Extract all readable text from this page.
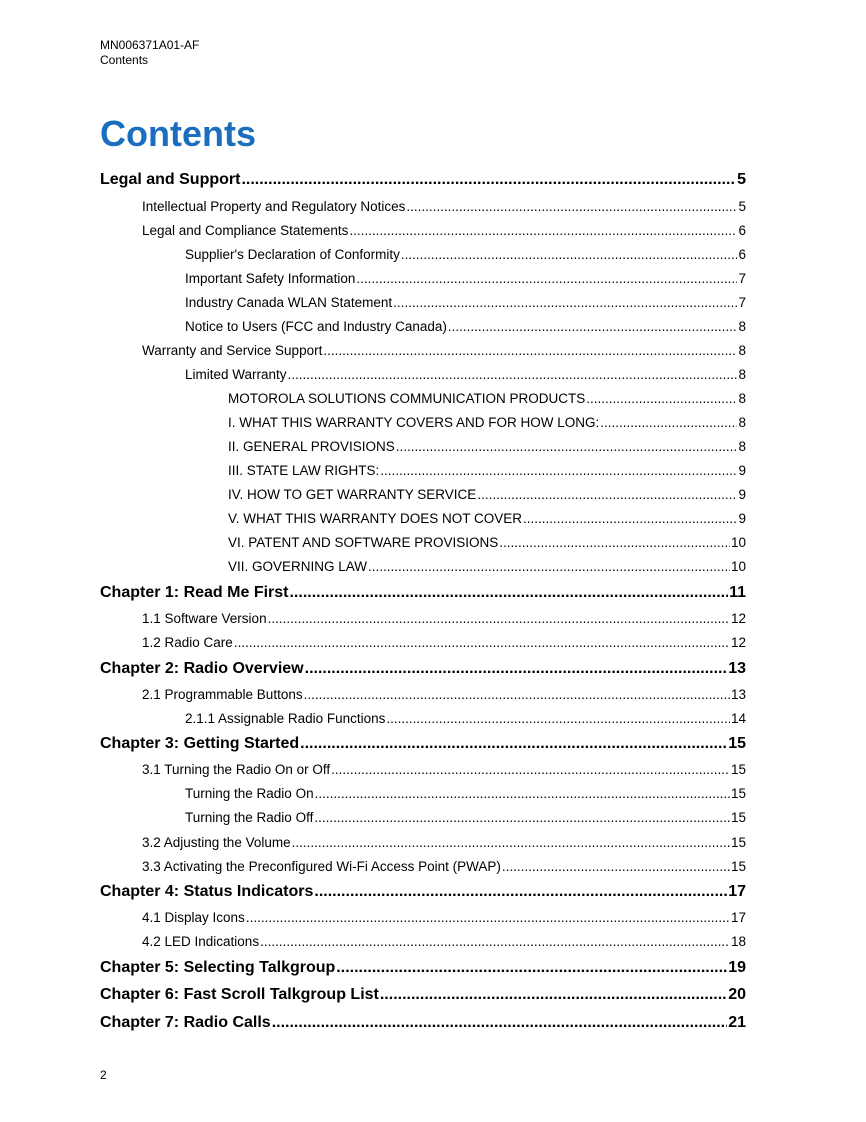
MN006371A01-AF
Contents
Contents
Legal and Support .....	5
Intellectual Property and Regulatory Notices .....	5
Legal and Compliance Statements .....	6
Supplier's Declaration of Conformity .....	6
Important Safety Information .....	7
Industry Canada WLAN Statement .....	7
Notice to Users (FCC and Industry Canada) .....	8
Warranty and Service Support .....	8
Limited Warranty .....	8
MOTOROLA SOLUTIONS COMMUNICATION PRODUCTS .....	8
I. WHAT THIS WARRANTY COVERS AND FOR HOW LONG: .....	8
II. GENERAL PROVISIONS .....	8
III. STATE LAW RIGHTS: .....	9
IV. HOW TO GET WARRANTY SERVICE .....	9
V. WHAT THIS WARRANTY DOES NOT COVER .....	9
VI. PATENT AND SOFTWARE PROVISIONS .....	10
VII. GOVERNING LAW .....	10
Chapter 1: Read Me First .....	11
1.1 Software Version .....	12
1.2 Radio Care .....	12
Chapter 2: Radio Overview .....	13
2.1 Programmable Buttons .....	13
2.1.1 Assignable Radio Functions .....	14
Chapter 3: Getting Started .....	15
3.1 Turning the Radio On or Off .....	15
Turning the Radio On .....	15
Turning the Radio Off .....	15
3.2 Adjusting the Volume .....	15
3.3 Activating the Preconfigured Wi-Fi Access Point (PWAP) .....	15
Chapter 4: Status Indicators .....	17
4.1 Display Icons .....	17
4.2 LED Indications .....	18
Chapter 5: Selecting Talkgroup .....	19
Chapter 6: Fast Scroll Talkgroup List .....	20
Chapter 7: Radio Calls .....	21
2
